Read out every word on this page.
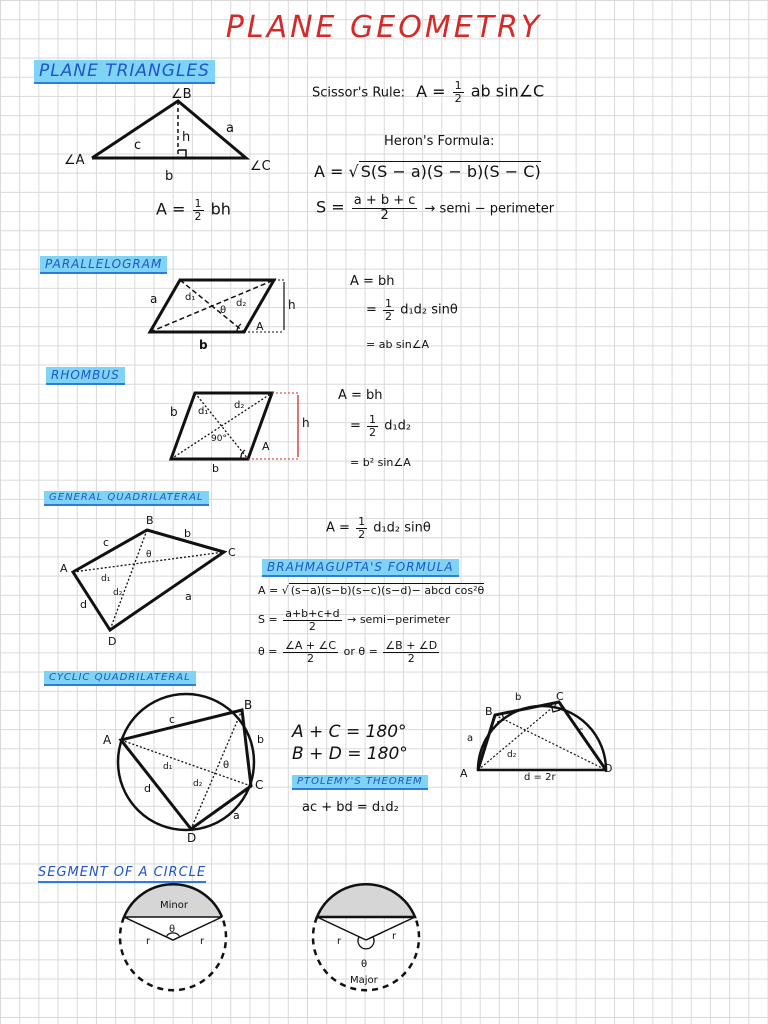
PLANE GEOMETRY
PLANE TRIANGLES
∠B
∠A	∠C
a
b
c
h
$A = \frac{1}{2}$ bh
Scissor's Rule: $A = \frac{1}{2}$ ab sin∠C
Heron's Formula:
A = √ S(S − a)(S − b)(S − C)
$S = \frac{a + b + c}{2}$ → semi − perimeter
PARALLELOGRAM
a
b
h
d₁
d₂
θ
A
A = bh
= $\frac{1}{2} d_1d_2$ sinθ
= ab sin∠A
RHOMBUS
b
b
h
d₁
d₂
90°
A
A = bh
= $\frac{1}{2} d_1d_2$
= b² sin∠A
GENERAL QUADRILATERAL
B
A
C
D
b
c
a
d
d₁
d₂
θ
$A = \frac{1}{2} d_1d_2$ sinθ
BRAHMAGUPTA'S FORMULA
A = √ (s−a)(s−b)(s−c)(s−d)− abcd cos²θ
$S = \frac{a+b+c+d}{2}$ → semi−perimeter
$\theta = \frac{\angle A + \angle C}{2}$ or $\theta = \frac{\angle B + \angle D}{2}$
CYCLIC QUADRILATERAL
A
B
C
D
c
b
a
d
d₁
d₂
θ
A + C = 180°
B + D = 180°
PTOLEMY'S THEOREM
ac + bd = d₁d₂
A
B
C
D
a
b
c
d₂
d = 2r
SEGMENT OF A CIRCLE
Minor
θ
r	r
θ
Major
r	r
